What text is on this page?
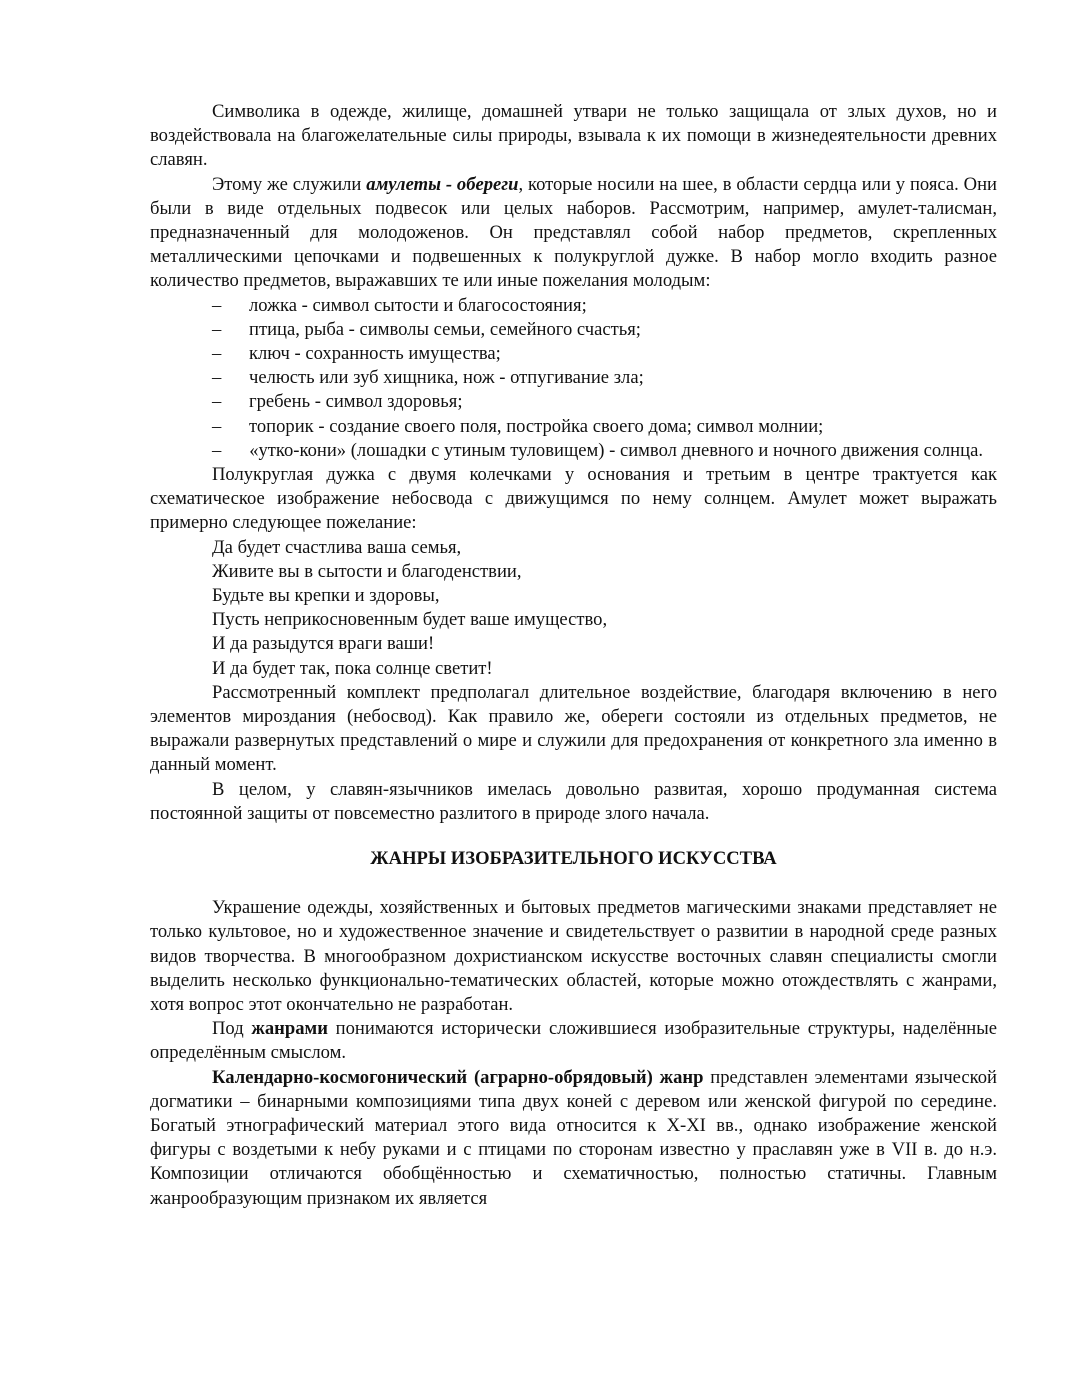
Символика в одежде, жилище, домашней утвари не только защищала от злых духов, но и воздействовала на благожелательные силы природы, взывала к их помощи в жизнедеятельности древних славян.

Этому же служили амулеты - обереги, которые носили на шее, в области сердца или у пояса. Они были в виде отдельных подвесок или целых наборов. Рассмотрим, например, амулет-талисман, предназначенный для молодоженов. Он представлял собой набор предметов, скрепленных металлическими цепочками и подвешенных к полукруглой дужке. В набор могло входить разное количество предметов, выражавших те или иные пожелания молодым:

– ложка - символ сытости и благосостояния;
– птица, рыба - символы семьи, семейного счастья;
– ключ - сохранность имущества;
– челюсть или зуб хищника, нож - отпугивание зла;
– гребень - символ здоровья;
– топорик - создание своего поля, постройка своего дома; символ молнии;

– «утко-кони» (лошадки с утиным туловищем) - символ дневного и ночного движения солнца.

Полукруглая дужка с двумя колечками у основания и третьим в центре трактуется как схематическое изображение небосвода с движущимся по нему солнцем. Амулет может выражать примерно следующее пожелание:

Да будет счастлива ваша семья,
Живите вы в сытости и благоденствии,
Будьте вы крепки и здоровы,
Пусть неприкосновенным будет ваше имущество,
И да разыдутся враги ваши!
И да будет так, пока солнце светит!

Рассмотренный комплект предполагал длительное воздействие, благодаря включению в него элементов мироздания (небосвод). Как правило же, обереги состояли из отдельных предметов, не выражали развернутых представлений о мире и служили для предохранения от конкретного зла именно в данный момент.

В целом, у славян-язычников имелась довольно развитая, хорошо продуманная система постоянной защиты от повсеместно разлитого в природе злого начала.

ЖАНРЫ ИЗОБРАЗИТЕЛЬНОГО ИСКУССТВА

Украшение одежды, хозяйственных и бытовых предметов магическими знаками представляет не только культовое, но и художественное значение и свидетельствует о развитии в народной среде разных видов творчества. В многообразном дохристианском искусстве восточных славян специалисты смогли выделить несколько функционально-тематических областей, которые можно отождествлять с жанрами, хотя вопрос этот окончательно не разработан.

Под жанрами понимаются исторически сложившиеся изобразительные структуры, наделённые определённым смыслом.

Календарно-космогонический (аграрно-обрядовый) жанр представлен элементами языческой догматики – бинарными композициями типа двух коней с деревом или женской фигурой по середине. Богатый этнографический материал этого вида относится к X-XI вв., однако изображение женской фигуры с воздетыми к небу руками и с птицами по сторонам известно у праславян уже в VII в. до н.э. Композиции отличаются обобщённостью и схематичностью, полностью статичны. Главным жанрообразующим признаком их является
